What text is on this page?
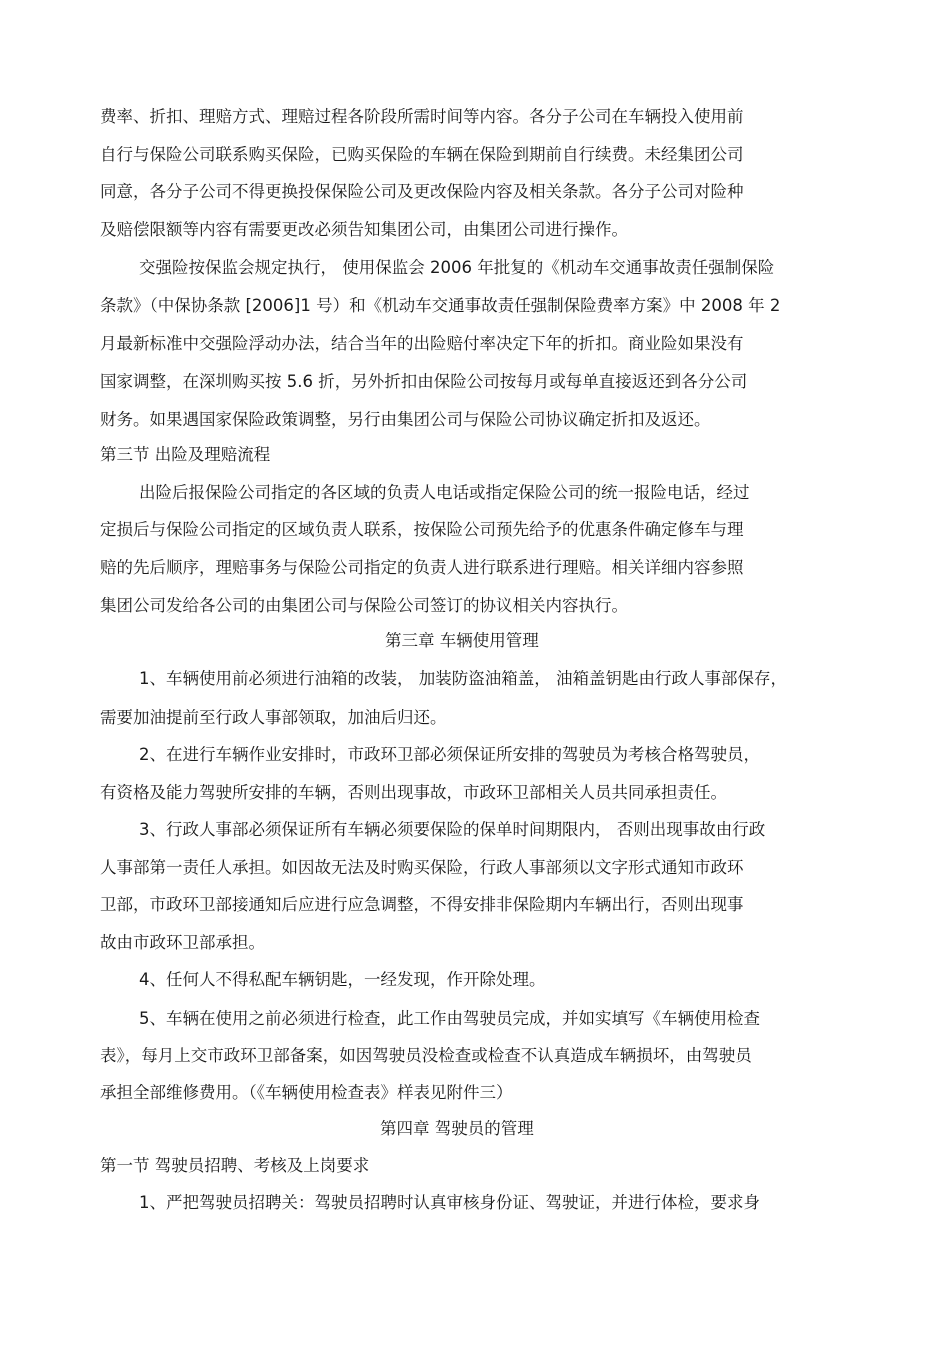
费率、折扣、理赔方式、理赔过程各阶段所需时间等内容。各分子公司在车辆投入使用前
自行与保险公司联系购买保险，已购买保险的车辆在保险到期前自行续费。未经集团公司
同意，各分子公司不得更换投保保险公司及更改保险内容及相关条款。各分子公司对险种
及赔偿限额等内容有需要更改必须告知集团公司，由集团公司进行操作。
交强险按保监会规定执行， 使用保监会 2006 年批复的《机动车交通事故责任强制保险
条款》（中保协条款 [2006]1 号）和《机动车交通事故责任强制保险费率方案》中 2008 年 2
月最新标准中交强险浮动办法，结合当年的出险赔付率决定下年的折扣。商业险如果没有
国家调整，在深圳购买按 5.6 折，另外折扣由保险公司按每月或每单直接返还到各分公司
财务。如果遇国家保险政策调整，另行由集团公司与保险公司协议确定折扣及返还。
第三节 出险及理赔流程
出险后报保险公司指定的各区域的负责人电话或指定保险公司的统一报险电话，经过
定损后与保险公司指定的区域负责人联系，按保险公司预先给予的优惠条件确定修车与理
赔的先后顺序，理赔事务与保险公司指定的负责人进行联系进行理赔。相关详细内容参照
集团公司发给各公司的由集团公司与保险公司签订的协议相关内容执行。
第三章 车辆使用管理
1、车辆使用前必须进行油箱的改装， 加装防盗油箱盖， 油箱盖钥匙由行政人事部保存，
需要加油提前至行政人事部领取，加油后归还。
2、在进行车辆作业安排时，市政环卫部必须保证所安排的驾驶员为考核合格驾驶员，
有资格及能力驾驶所安排的车辆，否则出现事故，市政环卫部相关人员共同承担责任。
3、行政人事部必须保证所有车辆必须要保险的保单时间期限内， 否则出现事故由行政
人事部第一责任人承担。如因故无法及时购买保险，行政人事部须以文字形式通知市政环
卫部，市政环卫部接通知后应进行应急调整，不得安排非保险期内车辆出行，否则出现事
故由市政环卫部承担。
4、任何人不得私配车辆钥匙，一经发现，作开除处理。
5、车辆在使用之前必须进行检查，此工作由驾驶员完成，并如实填写《车辆使用检查
表》，每月上交市政环卫部备案，如因驾驶员没检查或检查不认真造成车辆损坏，由驾驶员
承担全部维修费用。（《车辆使用检查表》样表见附件三）
第四章 驾驶员的管理
第一节 驾驶员招聘、考核及上岗要求
1、严把驾驶员招聘关：驾驶员招聘时认真审核身份证、驾驶证，并进行体检，要求身
